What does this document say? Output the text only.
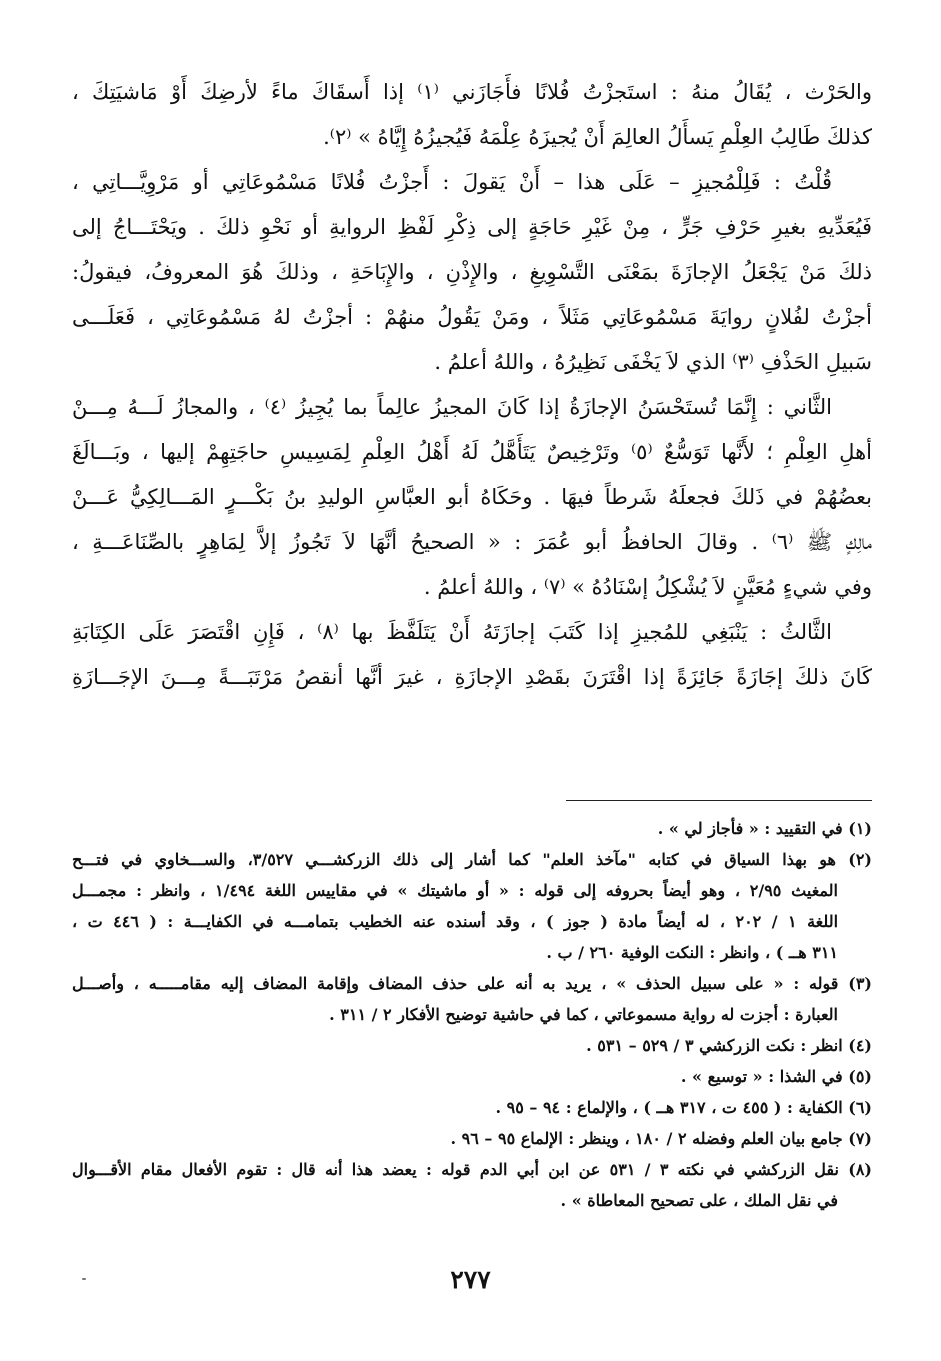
والحَرْث ، يُقَالُ منهُ : استَجزْتُ فُلانًا فأَجَازَني ⁽١⁾ إذا أَسقَاكَ ماءً لأرضِكَ أَوْ مَاشيَتِكَ ،
كذلكَ طَالِبُ العِلْمِ يَسأَلُ العالِمَ أَنْ يُجيزَهُ عِلْمَهُ فَيُجيزُهُ إِيَّاهُ » ⁽٢⁾.
قُلْتُ : فَلِلْمُجيزِ – عَلَى هذا – أَنْ يَقولَ : أَجزْتُ فُلانًا مَسْمُوعَاتِي أو مَرْوِيَّـــاتِي ،
فَيُعَدِّيهِ بغيرِ حَرْفِ جَرٍّ ، مِنْ غَيْرِ حَاجَةٍ إلى ذِكْرِ لَفْظِ الروايةِ أو نَحْوِ ذلكَ . ويَحْتَـــاجُ إلى
ذلكَ مَنْ يَجْعَلُ الإجازَةَ بمَعْنَى التَّسْوِيغِ ، والإِذْنِ ، والإِبَاحَةِ ، وذلكَ هُوَ المعروفُ، فيقولُ:
أجزْتُ لفُلانٍ روايَةَ مَسْمُوعَاتِي مَثَلاً ، ومَنْ يَقُولُ منهُمْ : أجزْتُ لهُ مَسْمُوعَاتِي ، فَعَلَـــى
سَبيلِ الحَذْفِ ⁽٣⁾ الذي لاَ يَخْفَى نَظِيرُهُ ، واللهُ أعلمُ .
الثَّاني : إِنَّمَا تُستَحْسَنُ الإجازَةُ إذا كَانَ المجيزُ عالِماً بما يُجِيزُ ⁽٤⁾ ، والمجازُ لَـــهُ مِـــنْ
أهلِ العِلْمِ ؛ لأَنَّها تَوَسُّعٌ ⁽٥⁾ وتَرْخِيصٌ يَتَأَهَّلُ لَهُ أَهْلُ العِلْمِ لِمَسِيسِ حاجَتِهِمْ إليها ، وبَـــالَغَ
بعضُهُمْ في ذَلكَ فجعلَهُ شَرطاً فيهَا . وحَكَاهُ أبو العبَّاسِ الوليدِ بنُ بَكْـــرٍ المَـــالِكِيُّ عَـــنْ
مالِكٍ ﷺ ⁽٦⁾ . وقالَ الحافظُ أبو عُمَرَ : « الصحيحُ أنَّهَا لاَ تَجُوزُ إلاَّ لِمَاهِرٍ بالصِّنَاعَـــةِ ،
وفي شيءٍ مُعَيَّنٍ لاَ يُشْكِلُ إسْنَادُهُ » ⁽٧⁾ ، واللهُ أعلمُ .
الثَّالثُ : يَنْبَغِي للمُجيزِ إذا كَتَبَ إجازَتَهُ أَنْ يَتَلَفَّظَ بها ⁽٨⁾ ، فَإِنِ اقْتَصَرَ عَلَى الكِتَابَةِ
كَانَ ذلكَ إجَازَةً جَائِزَةً إذا اقْتَرَنَ بقَصْدِ الإجازَةِ ، غيرَ أنَّها أنقصُ مَرْتَبَـــةً مِـــنَ الإجَـــازَةِ
(١) في التقييد : « فأجاز لي » .
(٢) هو بهذا السياق في كتابه "مآخذ العلم" كما أشار إلى ذلك الزركشـــي ٣/٥٢٧، والســـخاوي في فتـــح
المغيث ٢/٩٥ ، وهو أيضاً بحروفه إلى قوله : « أو ماشيتك » في مقاييس اللغة ١/٤٩٤ ، وانظر : مجمـــل
اللغة ١ / ٢٠٢ ، له أيضاً مادة ( جوز ) ، وقد أسنده عنه الخطيب بتمامـــه في الكفايـــة : ( ٤٤٦ ت ،
٣١١ هــ ) ، وانظر : النكت الوفية ٢٦٠ / ب .
(٣) قوله : « على سبيل الحذف » ، يريد به أنه على حذف المضاف وإقامة المضاف إليه مقامـــــه ، وأصـــل
العبارة : أجزت له رواية مسموعاتي ، كما في حاشية توضيح الأفكار ٢ / ٣١١ .
(٤) انظر : نكت الزركشي ٣ / ٥٢٩ – ٥٣١ .
(٥) في الشذا : « توسيع » .
(٦) الكفاية : ( ٤٥٥ ت ، ٣١٧ هــ ) ، والإلماع : ٩٤ – ٩٥ .
(٧) جامع بيان العلم وفضله ٢ / ١٨٠ ، وينظر : الإلماع ٩٥ – ٩٦ .
(٨) نقل الزركشي في نكته ٣ / ٥٣١ عن ابن أبي الدم قوله : يعضد هذا أنه قال : تقوم الأفعال مقام الأقـــوال
في نقل الملك ، على تصحيح المعاطاة » .
٢٧٧
